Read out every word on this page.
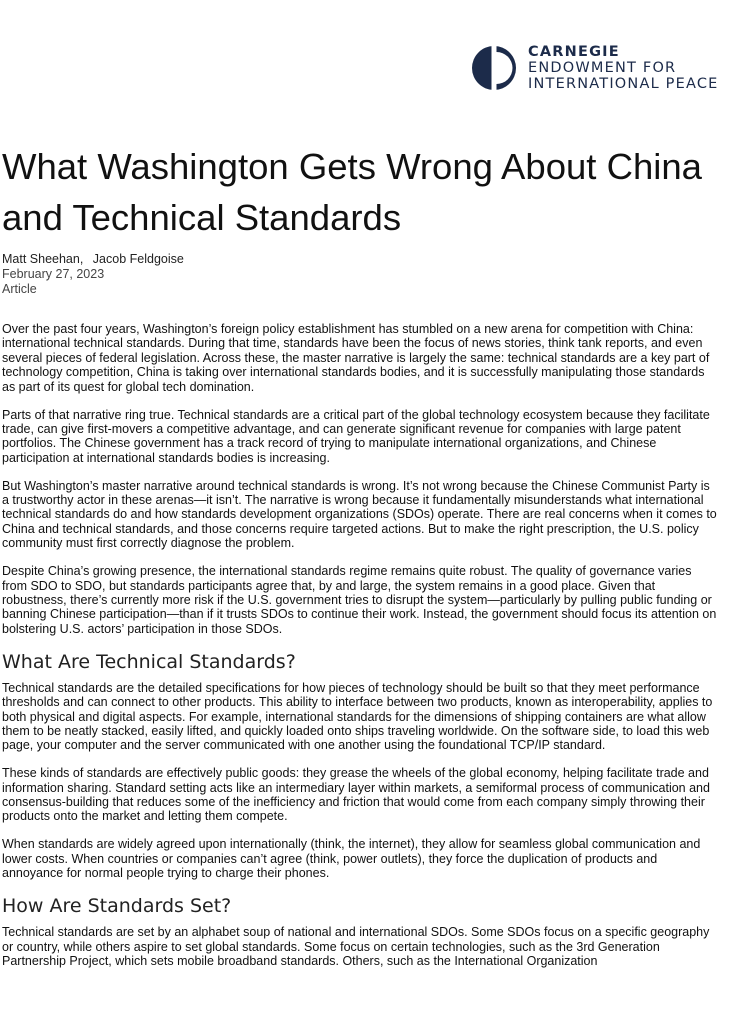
CARNEGIE
ENDOWMENT FOR
INTERNATIONAL PEACE
What Washington Gets Wrong About China and Technical Standards
Matt Sheehan, Jacob Feldgoise
February 27, 2023
Article

Over the past four years, Washington’s foreign policy establishment has stumbled on a new arena for competition with China: international technical standards. During that time, standards have been the focus of news stories, think tank reports, and even several pieces of federal legislation. Across these, the master narrative is largely the same: technical standards are a key part of technology competition, China is taking over international standards bodies, and it is successfully manipulating those standards as part of its quest for global tech domination.

Parts of that narrative ring true. Technical standards are a critical part of the global technology ecosystem because they facilitate trade, can give first-movers a competitive advantage, and can generate significant revenue for companies with large patent portfolios. The Chinese government has a track record of trying to manipulate international organizations, and Chinese participation at international standards bodies is increasing.

But Washington’s master narrative around technical standards is wrong. It’s not wrong because the Chinese Communist Party is a trustworthy actor in these arenas—it isn’t. The narrative is wrong because it fundamentally misunderstands what international technical standards do and how standards development organizations (SDOs) operate. There are real concerns when it comes to China and technical standards, and those concerns require targeted actions. But to make the right prescription, the U.S. policy community must first correctly diagnose the problem.

Despite China’s growing presence, the international standards regime remains quite robust. The quality of governance varies from SDO to SDO, but standards participants agree that, by and large, the system remains in a good place. Given that robustness, there’s currently more risk if the U.S. government tries to disrupt the system—particularly by pulling public funding or banning Chinese participation—than if it trusts SDOs to continue their work. Instead, the government should focus its attention on bolstering U.S. actors’ participation in those SDOs.

What Are Technical Standards?

Technical standards are the detailed specifications for how pieces of technology should be built so that they meet performance thresholds and can connect to other products. This ability to interface between two products, known as interoperability, applies to both physical and digital aspects. For example, international standards for the dimensions of shipping containers are what allow them to be neatly stacked, easily lifted, and quickly loaded onto ships traveling worldwide. On the software side, to load this web page, your computer and the server communicated with one another using the foundational TCP/IP standard.

These kinds of standards are effectively public goods: they grease the wheels of the global economy, helping facilitate trade and information sharing. Standard setting acts like an intermediary layer within markets, a semiformal process of communication and consensus-building that reduces some of the inefficiency and friction that would come from each company simply throwing their products onto the market and letting them compete.

When standards are widely agreed upon internationally (think, the internet), they allow for seamless global communication and lower costs. When countries or companies can’t agree (think, power outlets), they force the duplication of products and annoyance for normal people trying to charge their phones.

How Are Standards Set?

Technical standards are set by an alphabet soup of national and international SDOs. Some SDOs focus on a specific geography or country, while others aspire to set global standards. Some focus on certain technologies, such as the 3rd Generation Partnership Project, which sets mobile broadband standards. Others, such as the International Organization
